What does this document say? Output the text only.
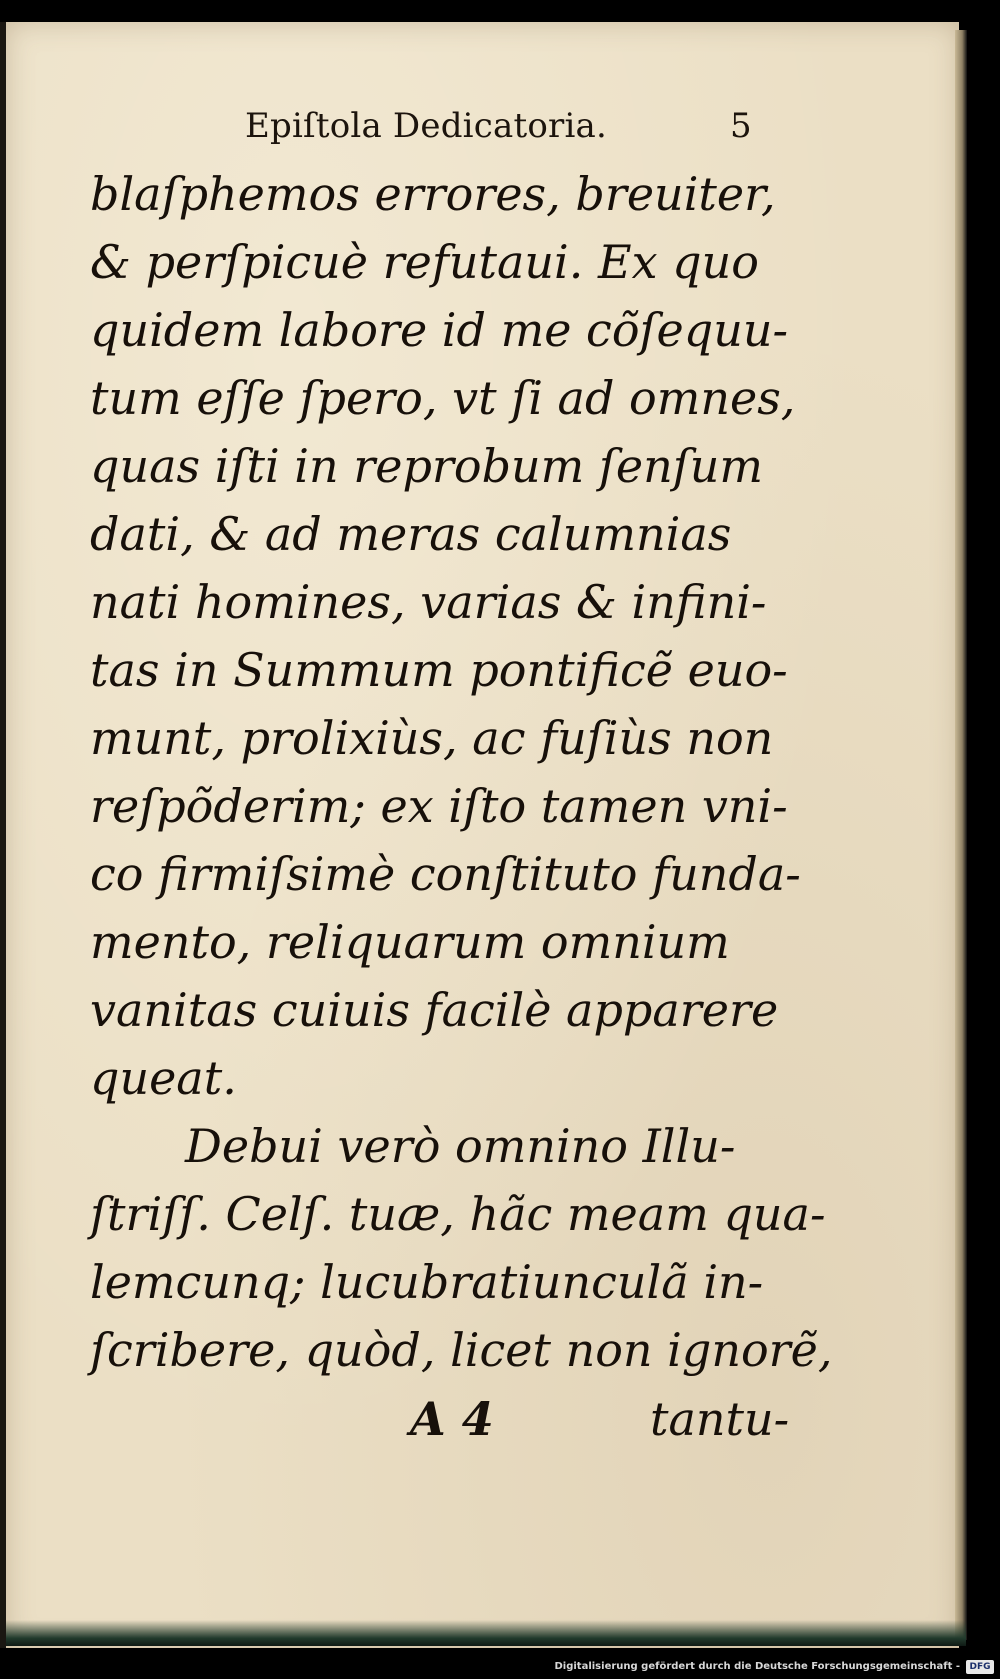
Epiſtola Dedicatoria.	5
blaſphemos errores, breuiter,
& perſpicuè refutaui. Ex quo
quidem labore id me cõſequu-
tum eſſe ſpero, vt ſi ad omnes,
quas iſti in reprobum ſenſum
dati, & ad meras calumnias
nati homines, varias & infini-
tas in Summum pontificẽ euo-
munt, prolixiùs, ac fuſiùs non
reſpõderim; ex iſto tamen vni-
co firmiſsimè conſtituto funda-
mento, reliquarum omnium
vanitas cuiuis facilè apparere
queat.
Debui verò omnino Illu-
ſtriſſ. Celſ. tuæ, hãc meam qua-
lemcunq; lucubratiunculã in-
ſcribere, quòd, licet non ignorẽ,
A 4	tantu-
Digitalisierung gefördert durch die Deutsche Forschungsgemeinschaft -	DFG
